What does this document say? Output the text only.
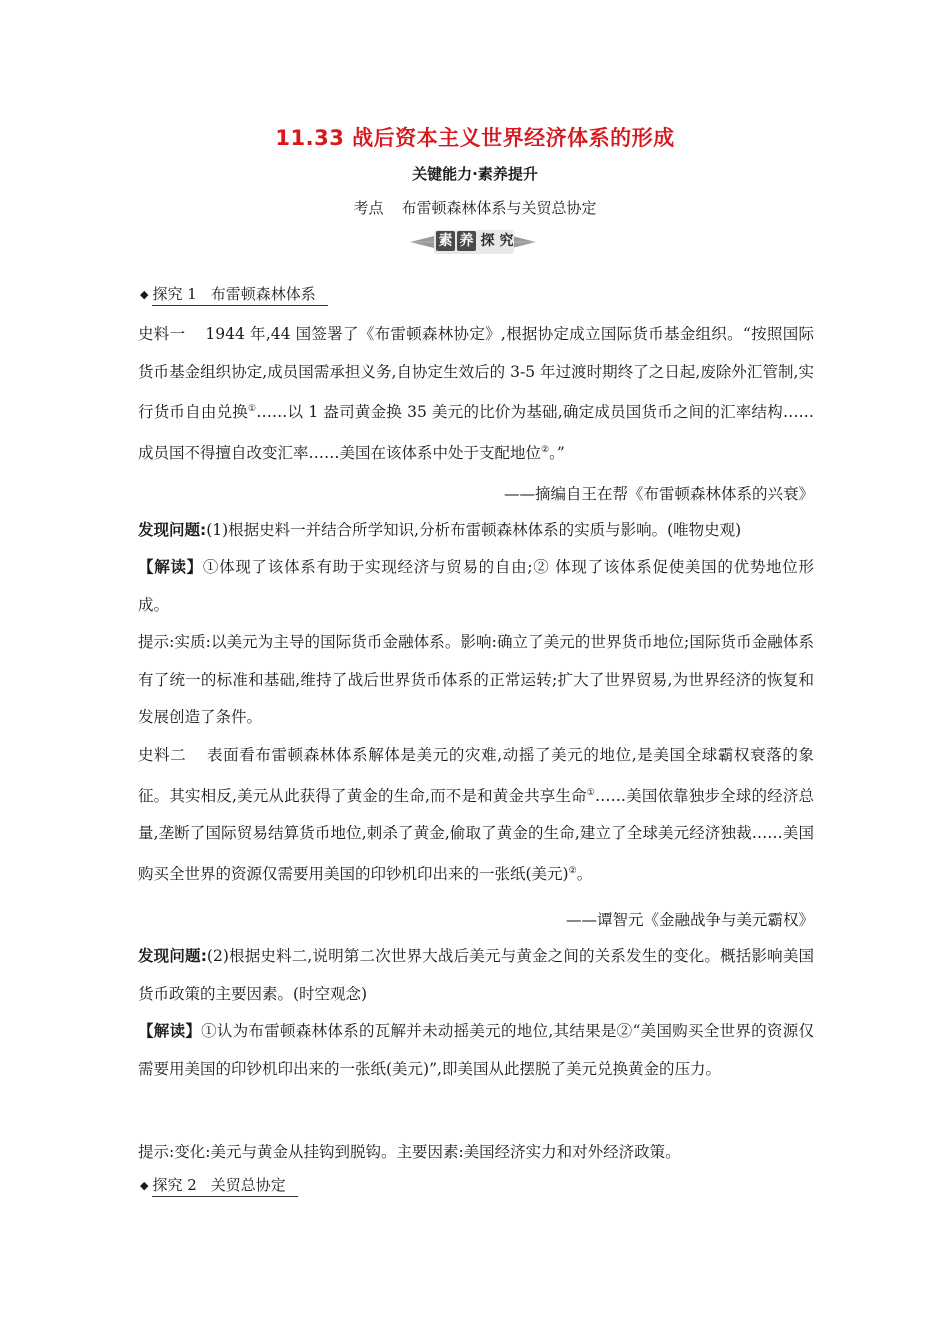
11.33 战后资本主义世界经济体系的形成
关键能力·素养提升
考点 布雷顿森林体系与关贸总协定
素 养 探 究
◆ 探究 1 布雷顿森林体系
史料一 1944 年,44 国签署了《布雷顿森林协定》,根据协定成立国际货币基金组织。“按照国际货币基金组织协定,成员国需承担义务,自协定生效后的 3-5 年过渡时期终了之日起,废除外汇管制,实行货币自由兑换①……以 1 盎司黄金换 35 美元的比价为基础,确定成员国货币之间的汇率结构……成员国不得擅自改变汇率……美国在该体系中处于支配地位②。”
——摘编自王在帮《布雷顿森林体系的兴衰》
发现问题:(1)根据史料一并结合所学知识,分析布雷顿森林体系的实质与影响。(唯物史观)
【解读】①体现了该体系有助于实现经济与贸易的自由;② 体现了该体系促使美国的优势地位形成。
提示:实质:以美元为主导的国际货币金融体系。影响:确立了美元的世界货币地位;国际货币金融体系有了统一的标准和基础,维持了战后世界货币体系的正常运转;扩大了世界贸易,为世界经济的恢复和发展创造了条件。
史料二 表面看布雷顿森林体系解体是美元的灾难,动摇了美元的地位,是美国全球霸权衰落的象征。其实相反,美元从此获得了黄金的生命,而不是和黄金共享生命①……美国依靠独步全球的经济总量,垄断了国际贸易结算货币地位,刺杀了黄金,偷取了黄金的生命,建立了全球美元经济独裁……美国购买全世界的资源仅需要用美国的印钞机印出来的一张纸(美元)②。
——谭智元《金融战争与美元霸权》
发现问题:(2)根据史料二,说明第二次世界大战后美元与黄金之间的关系发生的变化。概括影响美国货币政策的主要因素。(时空观念)
【解读】①认为布雷顿森林体系的瓦解并未动摇美元的地位,其结果是②“美国购买全世界的资源仅需要用美国的印钞机印出来的一张纸(美元)”,即美国从此摆脱了美元兑换黄金的压力。
提示:变化:美元与黄金从挂钩到脱钩。主要因素:美国经济实力和对外经济政策。
◆ 探究 2 关贸总协定
